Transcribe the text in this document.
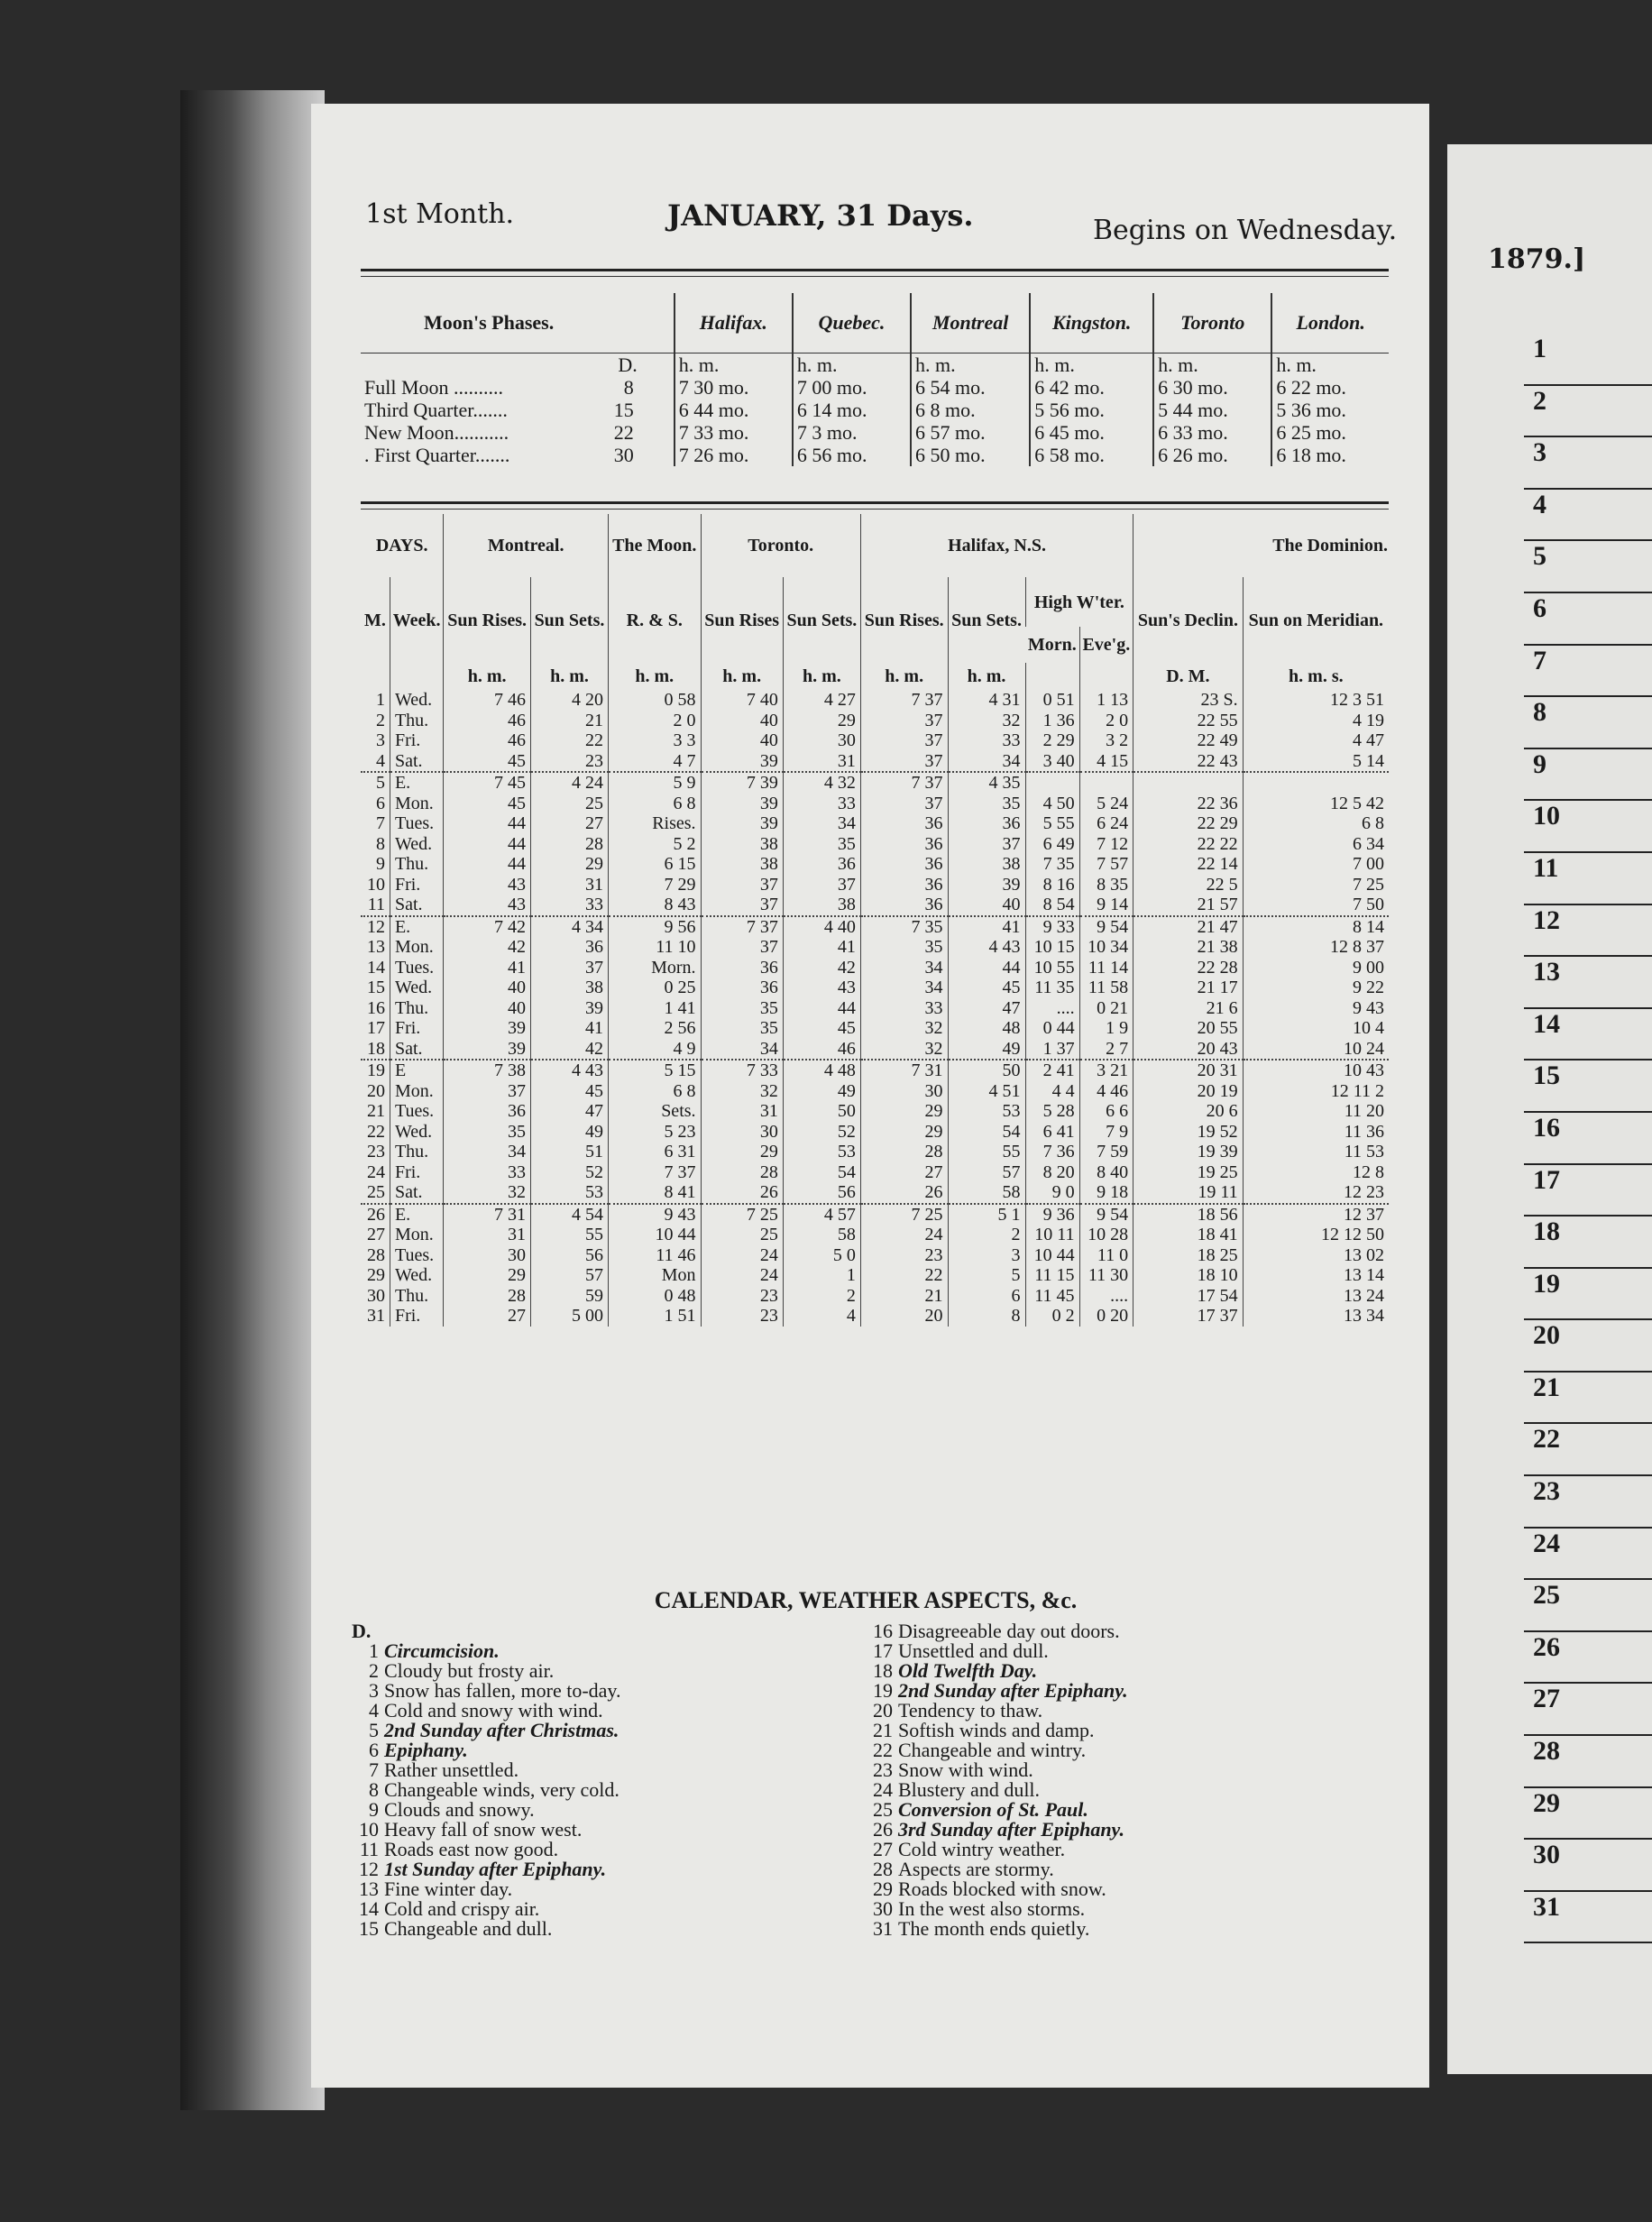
1st Month.	JANUARY, 31 Days.	Begins on Wednesday.
1879.]
Moon's Phases.	Halifax.	Quebec.	Montreal	Kingston.	Toronto	London.
D.	h. m.	h. m.	h. m.	h. m.	h. m.	h. m.
Full Moon .......... 8	7 30 mo.	7 00 mo.	6 54 mo.	6 42 mo.	6 30 mo.	6 22 mo.
Third Quarter....... 15	6 44 mo.	6 14 mo.	6 8 mo.	5 56 mo.	5 44 mo.	5 36 mo.
New Moon........... 22	7 33 mo.	7 3 mo.	6 57 mo.	6 45 mo.	6 33 mo.	6 25 mo.
. First Quarter....... 30	7 26 mo.	6 56 mo.	6 50 mo.	6 58 mo.	6 26 mo.	6 18 mo.
DAYS.		Montreal.		The Moon.	Toronto.		Halifax, N.S.				The Dominion.	
M.	Week.	Sun Rises.	Sun Sets.	R. & S.	Sun Rises	Sun Sets.	Sun Rises.	Sun Sets.	High W'ter.		Sun's Declin.	Sun on Meridian.
									Morn.	Eve'g.		
		h. m.	h. m.	h. m.	h. m.	h. m.	h. m.	h. m.			D. M.	h. m. s.
1	Wed.	7 46	4 20	0 58	7 40	4 27	7 37	4 31	0 51	1 13	23 S.	12 3 51
2	Thu.	46	21	2 0	40	29	37	32	1 36	2 0	22 55	4 19
3	Fri.	46	22	3 3	40	30	37	33	2 29	3 2	22 49	4 47
4	Sat.	45	23	4 7	39	31	37	34	3 40	4 15	22 43	5 14
5	E.	7 45	4 24	5 9	7 39	4 32	7 37	4 35				
6	Mon.	45	25	6 8	39	33	37	35	4 50	5 24	22 36	12 5 42
7	Tues.	44	27	Rises.	39	34	36	36	5 55	6 24	22 29	6 8
8	Wed.	44	28	5 2	38	35	36	37	6 49	7 12	22 22	6 34
9	Thu.	44	29	6 15	38	36	36	38	7 35	7 57	22 14	7 00
10	Fri.	43	31	7 29	37	37	36	39	8 16	8 35	22 5	7 25
11	Sat.	43	33	8 43	37	38	36	40	8 54	9 14	21 57	7 50
12	E.	7 42	4 34	9 56	7 37	4 40	7 35	41	9 33	9 54	21 47	8 14
13	Mon.	42	36	11 10	37	41	35	4 43	10 15	10 34	21 38	12 8 37
14	Tues.	41	37	Morn.	36	42	34	44	10 55	11 14	22 28	9 00
15	Wed.	40	38	0 25	36	43	34	45	11 35	11 58	21 17	9 22
16	Thu.	40	39	1 41	35	44	33	47	....	0 21	21 6	9 43
17	Fri.	39	41	2 56	35	45	32	48	0 44	1 9	20 55	10 4
18	Sat.	39	42	4 9	34	46	32	49	1 37	2 7	20 43	10 24
19	E	7 38	4 43	5 15	7 33	4 48	7 31	50	2 41	3 21	20 31	10 43
20	Mon.	37	45	6 8	32	49	30	4 51	4 4	4 46	20 19	12 11 2
21	Tues.	36	47	Sets.	31	50	29	53	5 28	6 6	20 6	11 20
22	Wed.	35	49	5 23	30	52	29	54	6 41	7 9	19 52	11 36
23	Thu.	34	51	6 31	29	53	28	55	7 36	7 59	19 39	11 53
24	Fri.	33	52	7 37	28	54	27	57	8 20	8 40	19 25	12 8
25	Sat.	32	53	8 41	26	56	26	58	9 0	9 18	19 11	12 23
26	E.	7 31	4 54	9 43	7 25	4 57	7 25	5 1	9 36	9 54	18 56	12 37
27	Mon.	31	55	10 44	25	58	24	2	10 11	10 28	18 41	12 12 50
28	Tues.	30	56	11 46	24	5 0	23	3	10 44	11 0	18 25	13 02
29	Wed.	29	57	Mon	24	1	22	5	11 15	11 30	18 10	13 14
30	Thu.	28	59	0 48	23	2	21	6	11 45	....	17 54	13 24
31	Fri.	27	5 00	1 51	23	4	20	8	0 2	0 20	17 37	13 34
CALENDAR, WEATHER ASPECTS, &c.
D.
1 Circumcision.
2 Cloudy but frosty air.
3 Snow has fallen, more to-day.
4 Cold and snowy with wind.
5 2nd Sunday after Christmas.
6 Epiphany.
7 Rather unsettled.
8 Changeable winds, very cold.
9 Clouds and snowy.
10 Heavy fall of snow west.
11 Roads east now good.
12 1st Sunday after Epiphany.
13 Fine winter day.
14 Cold and crispy air.
15 Changeable and dull.
16 Disagreeable day out doors.
17 Unsettled and dull.
18 Old Twelfth Day.
19 2nd Sunday after Epiphany.
20 Tendency to thaw.
21 Softish winds and damp.
22 Changeable and wintry.
23 Snow with wind.
24 Blustery and dull.
25 Conversion of St. Paul.
26 3rd Sunday after Epiphany.
27 Cold wintry weather.
28 Aspects are stormy.
29 Roads blocked with snow.
30 In the west also storms.
31 The month ends quietly.
1
2
3
4
5
6
7
8
9
10
11
12
13
14
15
16
17
18
19
20
21
22
23
24
25
26
27
28
29
30
31
